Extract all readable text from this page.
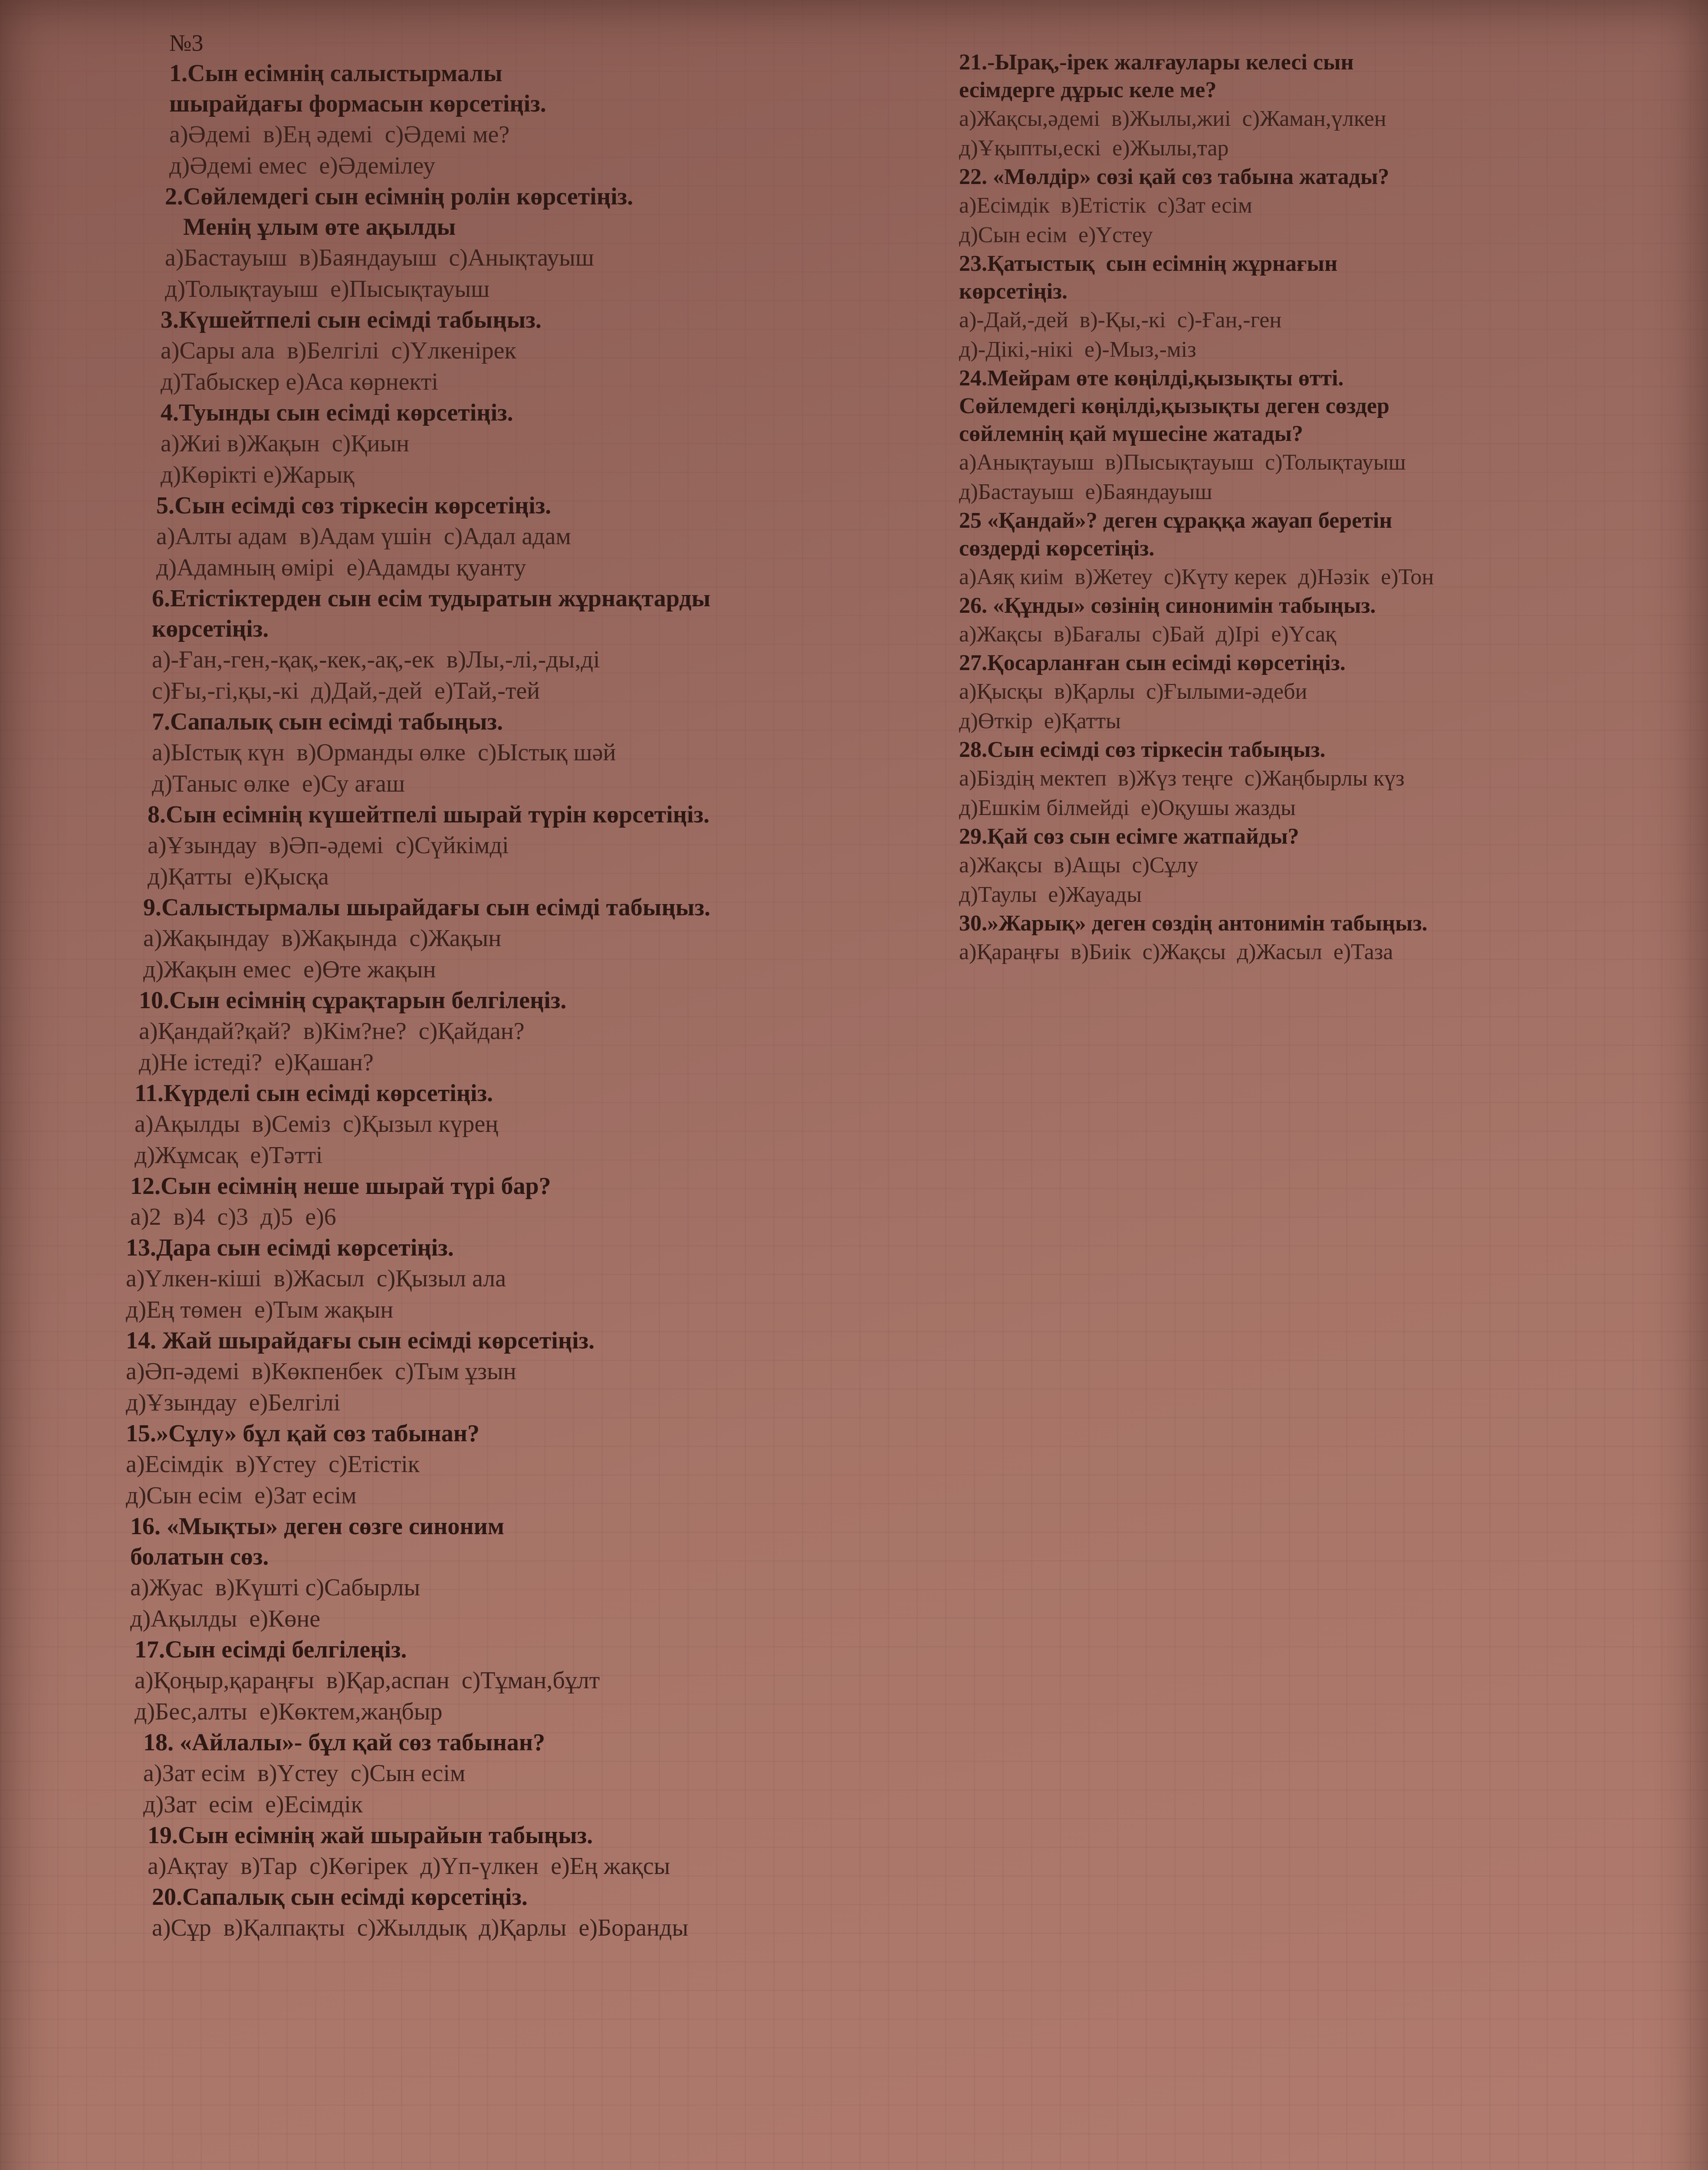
№3
1.Сын есімнің салыстырмалы
шырайдағы формасын көрсетіңіз.
а)Әдемі  в)Ең әдемі  с)Әдемі ме?
д)Әдемі емес  е)Әдемілеу
2.Сөйлемдегі сын есімнің ролін көрсетіңіз.
Менің ұлым өте ақылды
а)Бастауыш  в)Баяндауыш  с)Анықтауыш
д)Толықтауыш  е)Пысықтауыш
3.Күшейтпелі сын есімді табыңыз.
а)Сары ала  в)Белгілі  с)Үлкенірек
д)Табыскер е)Аса көрнекті
4.Туынды сын есімді көрсетіңіз.
а)Жиі в)Жақын  с)Қиын
д)Көрікті е)Жарық
5.Сын есімді сөз тіркесін көрсетіңіз.
а)Алты адам  в)Адам үшін  с)Адал адам
д)Адамның өмірі  е)Адамды қуанту
6.Етістіктерден сын есім тудыратын жұрнақтарды
көрсетіңіз.
а)-Ған,-ген,-қақ,-кек,-ақ,-ек  в)Лы,-лі,-ды,ді
с)Ғы,-гі,қы,-кі  д)Дай,-дей  е)Тай,-тей
7.Сапалық сын есімді табыңыз.
а)Ыстық күн  в)Орманды өлке  с)Ыстық шәй
д)Таныс өлке  е)Су ағаш
8.Сын есімнің күшейтпелі шырай түрін көрсетіңіз.
а)Ұзындау  в)Әп-әдемі  с)Сүйкімді
д)Қатты  е)Қысқа
9.Салыстырмалы шырайдағы сын есімді табыңыз.
а)Жақындау  в)Жақында  с)Жақын
д)Жақын емес  е)Өте жақын
10.Сын есімнің сұрақтарын белгілеңіз.
а)Қандай?қай?  в)Кім?не?  с)Қайдан?
д)Не істеді?  е)Қашан?
11.Күрделі сын есімді көрсетіңіз.
а)Ақылды  в)Семіз  с)Қызыл күрең
д)Жұмсақ  е)Тәтті
12.Сын есімнің неше шырай түрі бар?
а)2  в)4  с)3  д)5  е)6
13.Дара сын есімді көрсетіңіз.
а)Үлкен-кіші  в)Жасыл  с)Қызыл ала
д)Ең төмен  е)Тым жақын
14. Жай шырайдағы сын есімді көрсетіңіз.
а)Әп-әдемі  в)Көкпенбек  с)Тым ұзын
д)Ұзындау  е)Белгілі
15.»Сұлу» бұл қай сөз табынан?
а)Есімдік  в)Үстеу  с)Етістік
д)Сын есім  е)Зат есім
16. «Мықты» деген сөзге синоним
болатын сөз.
а)Жуас  в)Күшті с)Сабырлы
д)Ақылды  е)Көне
17.Сын есімді белгілеңіз.
а)Қоңыр,қараңғы  в)Қар,аспан  с)Тұман,бұлт
д)Бес,алты  е)Көктем,жаңбыр
18. «Айлалы»- бұл қай сөз табынан?
а)Зат есім  в)Үстеу  с)Сын есім
д)Зат  есім  е)Есімдік
19.Сын есімнің жай шырайын табыңыз.
а)Ақтау  в)Тар  с)Көгірек  д)Үп-үлкен  е)Ең жақсы
20.Сапалық сын есімді көрсетіңіз.
а)Сұр  в)Қалпақты  с)Жылдық  д)Қарлы  е)Боранды
21.-Ырақ,-ірек жалғаулары келесі сын
есімдерге дұрыс келе ме?
а)Жақсы,әдемі  в)Жылы,жиі  с)Жаман,үлкен
д)Ұқыпты,ескі  е)Жылы,тар
22. «Мөлдір» сөзі қай сөз табына жатады?
а)Есімдік  в)Етістік  с)Зат есім
д)Сын есім  е)Үстеу
23.Қатыстық  сын есімнің жұрнағын
көрсетіңіз.
а)-Дай,-дей  в)-Қы,-кі  с)-Ған,-ген
д)-Дікі,-нікі  е)-Мыз,-міз
24.Мейрам өте көңілді,қызықты өтті.
Сөйлемдегі көңілді,қызықты деген сөздер
сөйлемнің қай мүшесіне жатады?
а)Анықтауыш  в)Пысықтауыш  с)Толықтауыш
д)Бастауыш  е)Баяндауыш
25 «Қандай»? деген сұраққа жауап беретін
сөздерді көрсетіңіз.
а)Аяқ киім  в)Жетеу  с)Күту керек  д)Нәзік  е)Тон
26. «Құнды» сөзінің синонимін табыңыз.
а)Жақсы  в)Бағалы  с)Бай  д)Ірі  е)Үсақ
27.Қосарланған сын есімді көрсетіңіз.
а)Қысқы  в)Қарлы  с)Ғылыми-әдеби
д)Өткір  е)Қатты
28.Сын есімді сөз тіркесін табыңыз.
а)Біздің мектеп  в)Жүз теңге  с)Жаңбырлы күз
д)Ешкім білмейді  е)Оқушы жазды
29.Қай сөз сын есімге жатпайды?
а)Жақсы  в)Ащы  с)Сұлу
д)Таулы  е)Жауады
30.»Жарық» деген сөздің антонимін табыңыз.
а)Қараңғы  в)Биік  с)Жақсы  д)Жасыл  е)Таза
